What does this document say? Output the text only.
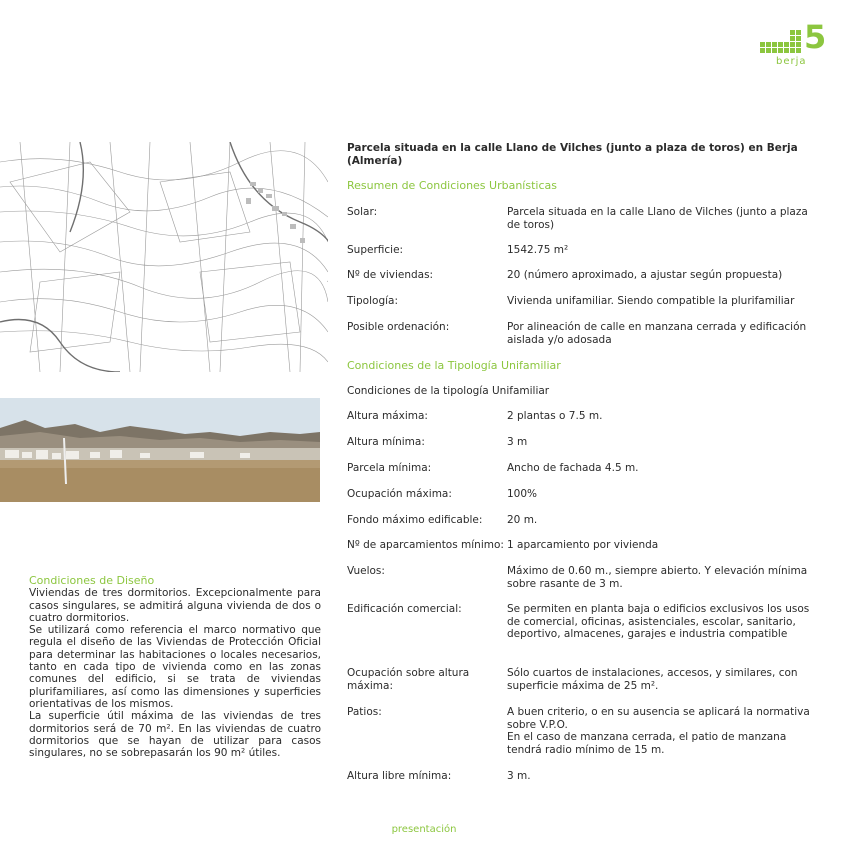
5
berja
Condiciones de Diseño

Viviendas de tres dormitorios. Excepcionalmente para casos singulares, se admitirá alguna vivienda de dos o cuatro dormitorios.

Se utilizará como referencia el marco normativo que regula el diseño de las Viviendas de Protección Oficial para determinar las habitaciones o locales necesarios, tanto en cada tipo de vivienda como en las zonas comunes del edificio, si se trata de viviendas plurifamiliares, así como las dimensiones y superficies orientativas de los mismos.

La superficie útil máxima de las viviendas de tres dormitorios será de 70 m². En las viviendas de cuatro dormitorios que se hayan de utilizar para casos singulares, no se sobrepasarán los 90 m² útiles.

Parcela situada en la calle Llano de Vilches (junto a plaza de toros) en Berja (Almería)
Resumen de Condiciones Urbanísticas
Solar:	Parcela situada en la calle Llano de Vilches (junto a plaza de toros)
Superficie:	1542.75 m²
Nº de viviendas:	20 (número aproximado, a ajustar según propuesta)
Tipología:	Vivienda unifamiliar. Siendo compatible la plurifamiliar
Posible ordenación:	Por alineación de calle en manzana cerrada y edificación aislada y/o adosada
Condiciones de la Tipología Unifamiliar
Condiciones de la tipología Unifamiliar
Altura máxima:	2 plantas o 7.5 m.
Altura mínima:	3 m
Parcela mínima:	Ancho de fachada 4.5 m.
Ocupación máxima:	100%
Fondo máximo edificable:	20 m.
Nº de aparcamientos mínimo: 1 aparcamiento por vivienda
Vuelos:	Máximo de 0.60 m., siempre abierto. Y elevación mínima sobre rasante de 3 m.
Edificación comercial:	Se permiten en planta baja o edificios exclusivos los usos de comercial, oficinas, asistenciales, escolar, sanitario, deportivo, almacenes, garajes e industria compatible
Ocupación sobre altura máxima:
Sólo cuartos de instalaciones, accesos, y similares, con superficie máxima de 25 m².
Patios:	A buen criterio, o en su ausencia se aplicará la normativa sobre V.P.O.
En el caso de manzana cerrada, el patio de manzana tendrá radio mínimo de 15 m.
Altura libre mínima:	3 m.
presentación
